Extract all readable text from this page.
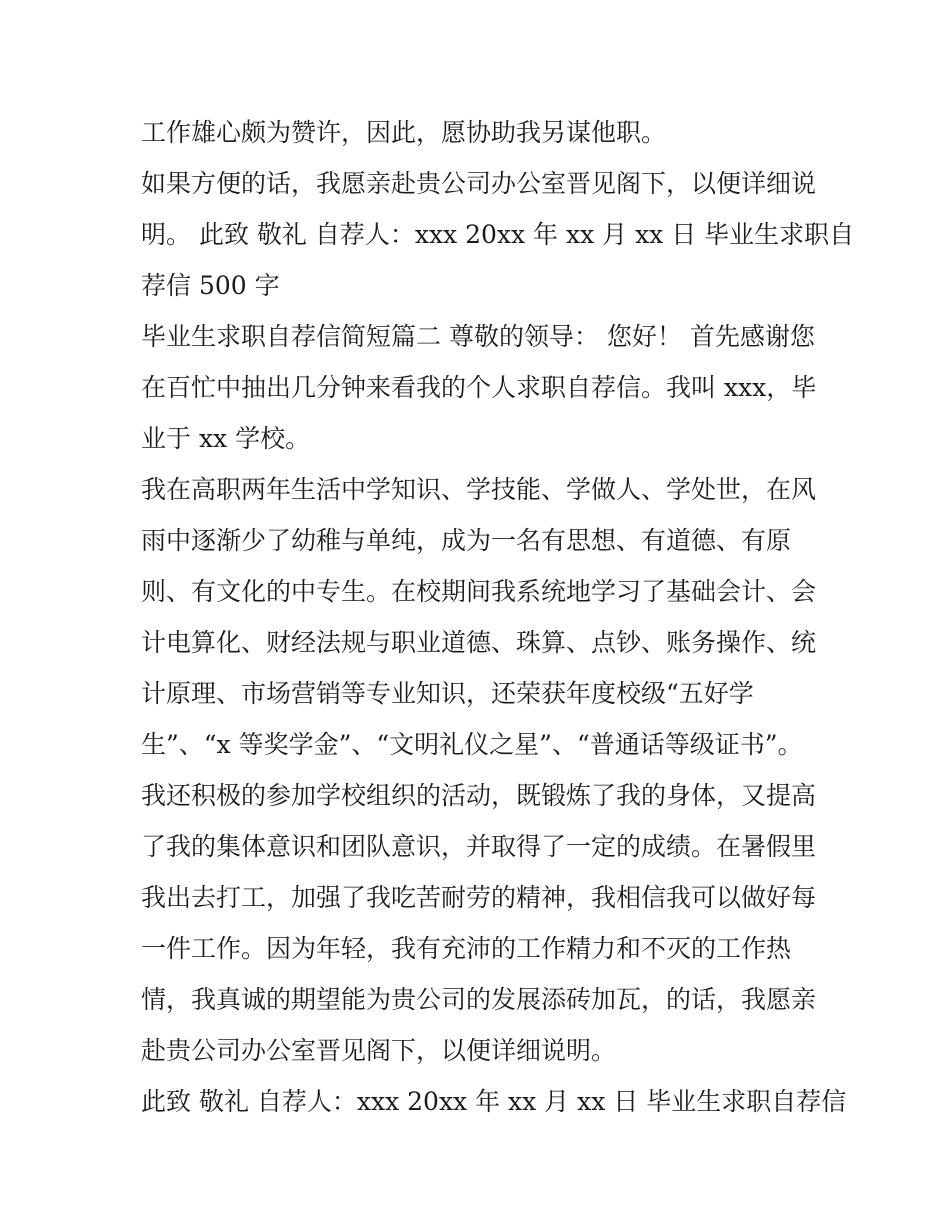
工作雄心颇为赞许，因此，愿协助我另谋他职。
如果方便的话，我愿亲赴贵公司办公室晋见阁下，以便详细说
明。 此致 敬礼 自荐人：xxx 20xx 年 xx 月 xx 日 毕业生求职自
荐信 500 字
毕业生求职自荐信简短篇二 尊敬的领导： 您好！ 首先感谢您
在百忙中抽出几分钟来看我的个人求职自荐信。我叫 xxx，毕
业于 xx 学校。
我在高职两年生活中学知识、学技能、学做人、学处世，在风
雨中逐渐少了幼稚与单纯，成为一名有思想、有道德、有原
则、有文化的中专生。在校期间我系统地学习了基础会计、会
计电算化、财经法规与职业道德、珠算、点钞、账务操作、统
计原理、市场营销等专业知识，还荣获年度校级“五好学
生”、“x 等奖学金”、“文明礼仪之星”、“普通话等级证书”。
我还积极的参加学校组织的活动，既锻炼了我的身体，又提高
了我的集体意识和团队意识，并取得了一定的成绩。在暑假里
我出去打工，加强了我吃苦耐劳的精神，我相信我可以做好每
一件工作。因为年轻，我有充沛的工作精力和不灭的工作热
情，我真诚的期望能为贵公司的发展添砖加瓦，的话，我愿亲
赴贵公司办公室晋见阁下，以便详细说明。
此致 敬礼 自荐人：xxx 20xx 年 xx 月 xx 日 毕业生求职自荐信
